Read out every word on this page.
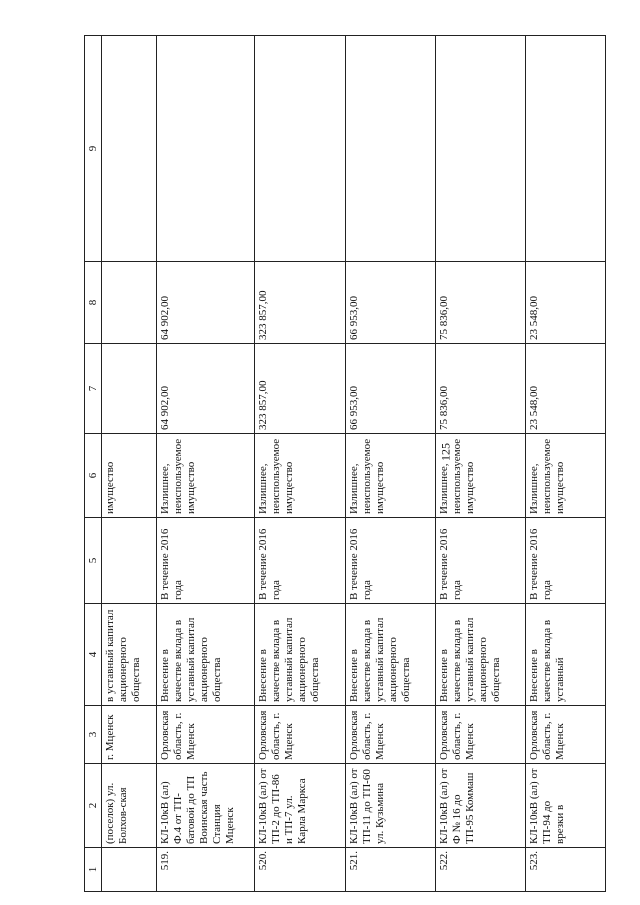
125
1	2	3	4	5	6	7	8	9
	(поселок) ул. Болхов-ская	г. Мценск	в уставный капитал акционерного общества		имущество			
519.	КЛ-10кВ (ал) Ф.4 от ТП-батовой до ТП Воинская часть Станция Мценск	Орловская область, г. Мценск	Внесение в качестве вклада в уставный капитал акционерного общества	В течение 2016 года	Излишнее, неиспользуемое имущество	64 902,00	64 902,00	
520.	КЛ-10кВ (ал) от ТП-2 до ТП-86 и ТП-7 ул. Карла Маркса	Орловская область, г. Мценск	Внесение в качестве вклада в уставный капитал акционерного общества	В течение 2016 года	Излишнее, неиспользуемое имущество	323 857,00	323 857,00	
521.	КЛ-10кВ (ал) от ТП-11 до ТП-60 ул. Кузьмина	Орловская область, г. Мценск	Внесение в качестве вклада в уставный капитал акционерного общества	В течение 2016 года	Излишнее, неиспользуемое имущество	66 953,00	66 953,00	
522.	КЛ-10кВ (ал) от Ф № 16 до ТП-95 Коммаш	Орловская область, г. Мценск	Внесение в качестве вклада в уставный капитал акционерного общества	В течение 2016 года	Излишнее, неиспользуемое имущество	75 836,00	75 836,00	
523.	КЛ-10кВ (ал) от ТП-94 до врезки в	Орловская область, г. Мценск	Внесение в качестве вклада в уставный	В течение 2016 года	Излишнее, неиспользуемое имущество	23 548,00	23 548,00	
